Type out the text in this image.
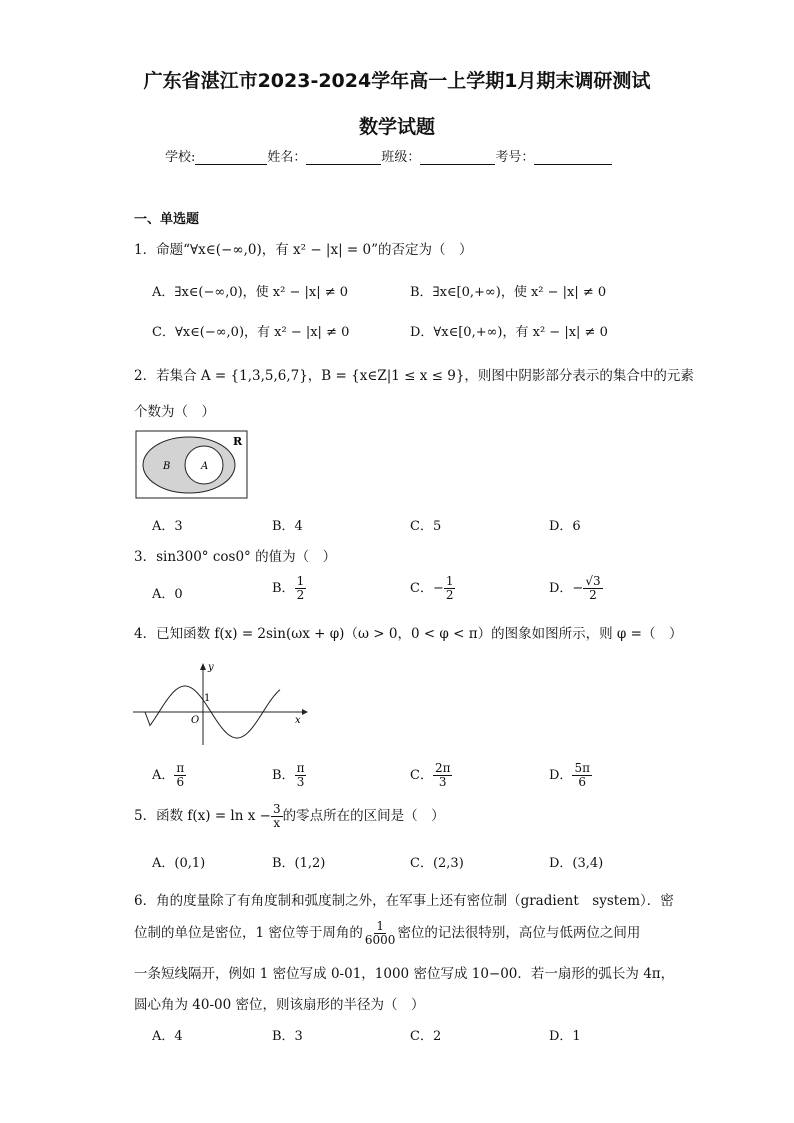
广东省湛江市2023-2024学年高一上学期1月期末调研测试
数学试题
学校:	姓名：	班级：	考号：
一、单选题
1．命题“∀x∈(−∞,0)，有 x² − |x| = 0”的否定为（　）
A．∃x∈(−∞,0)，使 x² − |x| ≠ 0	B．∃x∈[0,+∞)，使 x² − |x| ≠ 0
C．∀x∈(−∞,0)，有 x² − |x| ≠ 0	D．∀x∈[0,+∞)，有 x² − |x| ≠ 0
2．若集合 A = {1,3,5,6,7}，B = {x∈Z|1 ≤ x ≤ 9}，则图中阴影部分表示的集合中的元素
个数为（　）
R
B	A
A．3	B．4	C．5	D．6
3．sin300° cos0° 的值为（　）
A．0	B． $\frac{1}{2}$	C．− $\frac{1}{2}$	D．− $\frac{√3}{2}$
4．已知函数 f(x) = 2sin(ωx + φ)（ω > 0，0 < φ < π）的图象如图所示，则 φ =（　）
y
x
1
O
A． $\frac{\pi}{6}$	B． $\frac{\pi}{3}$	C． $\frac{2\pi}{3}$	D． $\frac{5\pi}{6}$
5．函数 $f(x) = \ln x - \frac{3}{x}$ 的零点所在的区间是（　）
A．(0,1)	B．(1,2)	C．(2,3)	D．(3,4)
6．角的度量除了有角度制和弧度制之外，在军事上还有密位制（gradient　system）．密
位制的单位是密位，1 密位等于周角的 $\frac{1}{6000}$ 密位的记法很特别，高位与低两位之间用
一条短线隔开，例如 1 密位写成 0-01，1000 密位写成 10−00．若一扇形的弧长为 4π，
圆心角为 40-00 密位，则该扇形的半径为（　）
A．4	B．3	C．2	D．1
